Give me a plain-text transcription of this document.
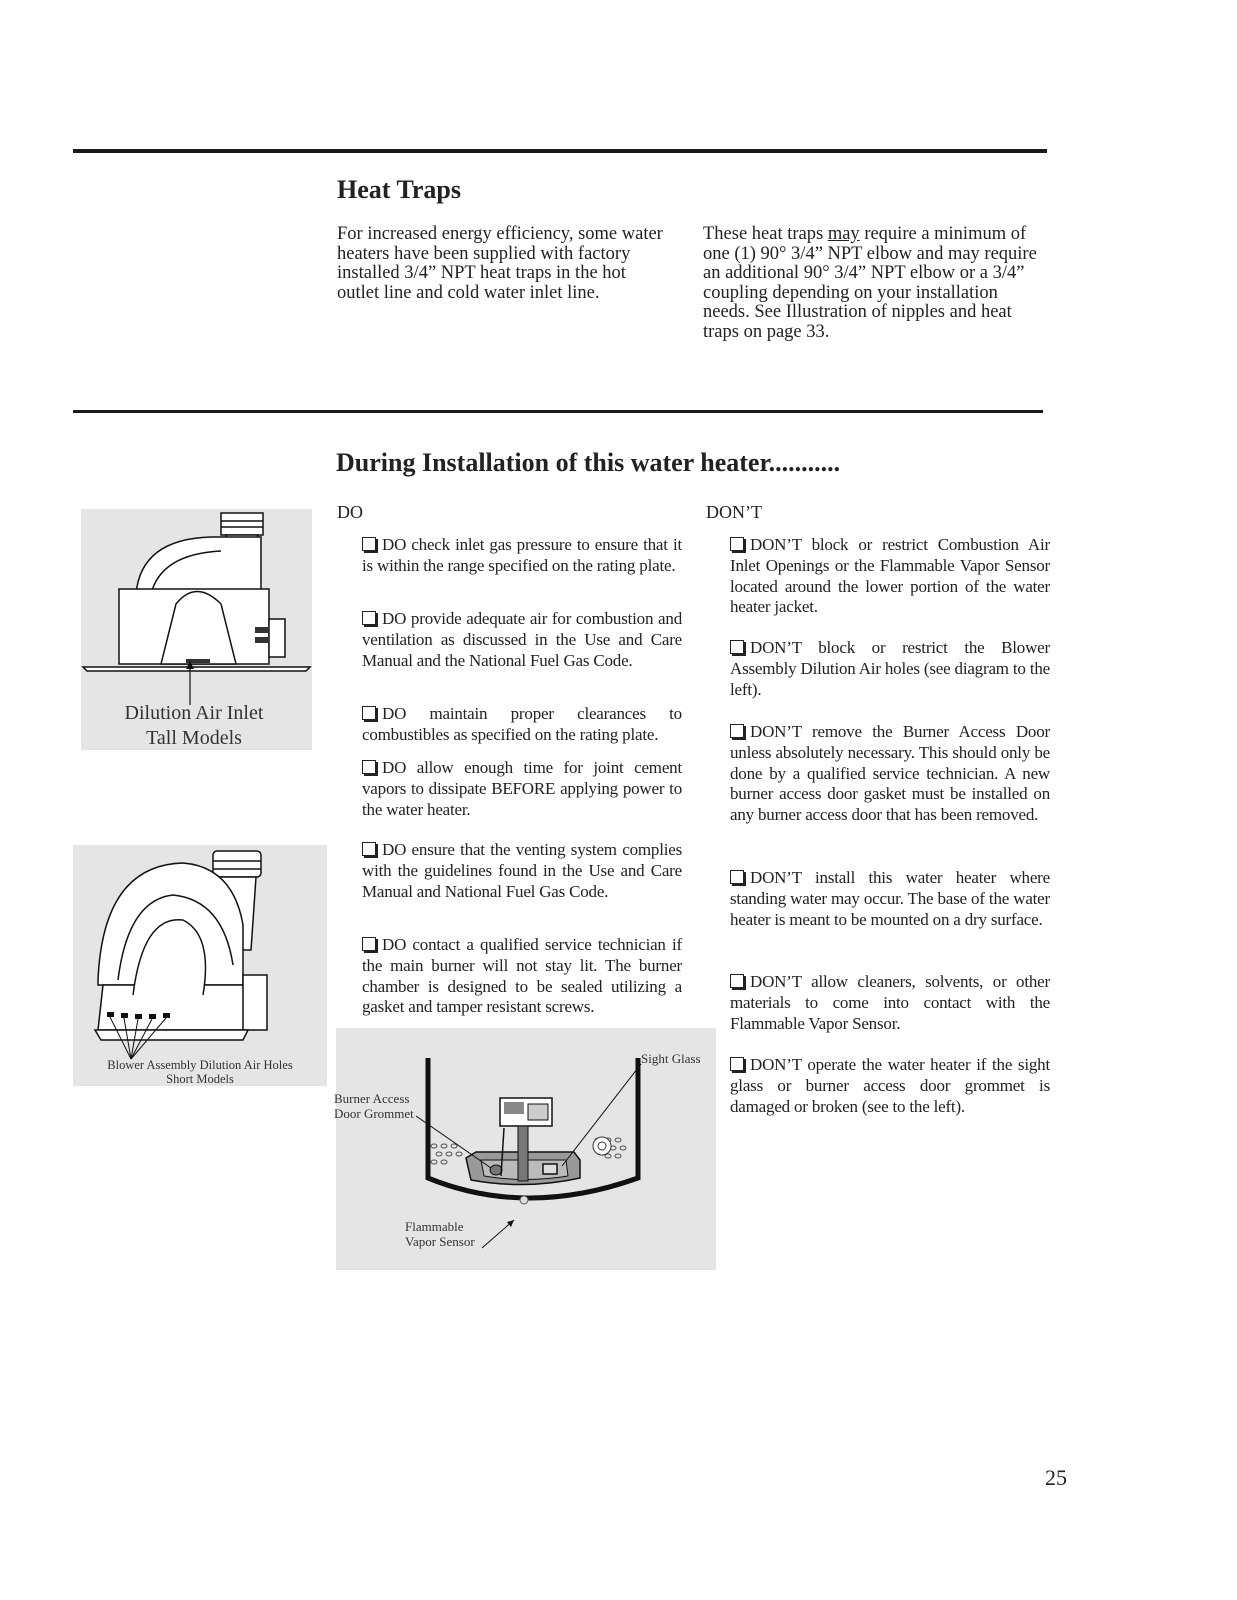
Heat Traps

For increased energy efficiency, some water heaters have been supplied with factory installed 3/4” NPT heat traps in the hot outlet line and cold water inlet line.

These heat traps may require a minimum of one (1) 90° 3/4” NPT elbow and may require an additional 90° 3/4” NPT elbow or a 3/4” coupling depending on your installation needs. See Illustration of nipples and heat traps on page 33.

During Installation of this water heater...........
DO	DON’T

DO check inlet gas pressure to ensure that it is within the range specified on the rating plate.

DO provide adequate air for combustion and ventilation as discussed in the Use and Care Manual and the National Fuel Gas Code.

DO maintain proper clearances to combustibles as specified on the rating plate.

DO allow enough time for joint cement vapors to dissipate BEFORE applying power to the water heater.

DO ensure that the venting system complies with the guidelines found in the Use and Care Manual and National Fuel Gas Code.

DO contact a qualified service technician if the main burner will not stay lit. The burner chamber is designed to be sealed utilizing a gasket and tamper resistant screws.

DON’T block or restrict Combustion Air Inlet Openings or the Flammable Vapor Sensor located around the lower portion of the water heater jacket.

DON’T block or restrict the Blower Assembly Dilution Air holes (see diagram to the left).

DON’T remove the Burner Access Door unless absolutely necessary. This should only be done by a qualified service technician. A new burner access door gasket must be installed on any burner access door that has been removed.

DON’T install this water heater where standing water may occur. The base of the water heater is meant to be mounted on a dry surface.

DON’T allow cleaners, solvents, or other materials to come into contact with the Flammable Vapor Sensor.

DON’T operate the water heater if the sight glass or burner access door grommet is damaged or broken (see to the left).

Dilution Air Inlet
Tall Models
Blower Assembly Dilution Air Holes
Short Models
Sight Glass
Burner Access
Door Grommet
Flammable
Vapor Sensor
25
